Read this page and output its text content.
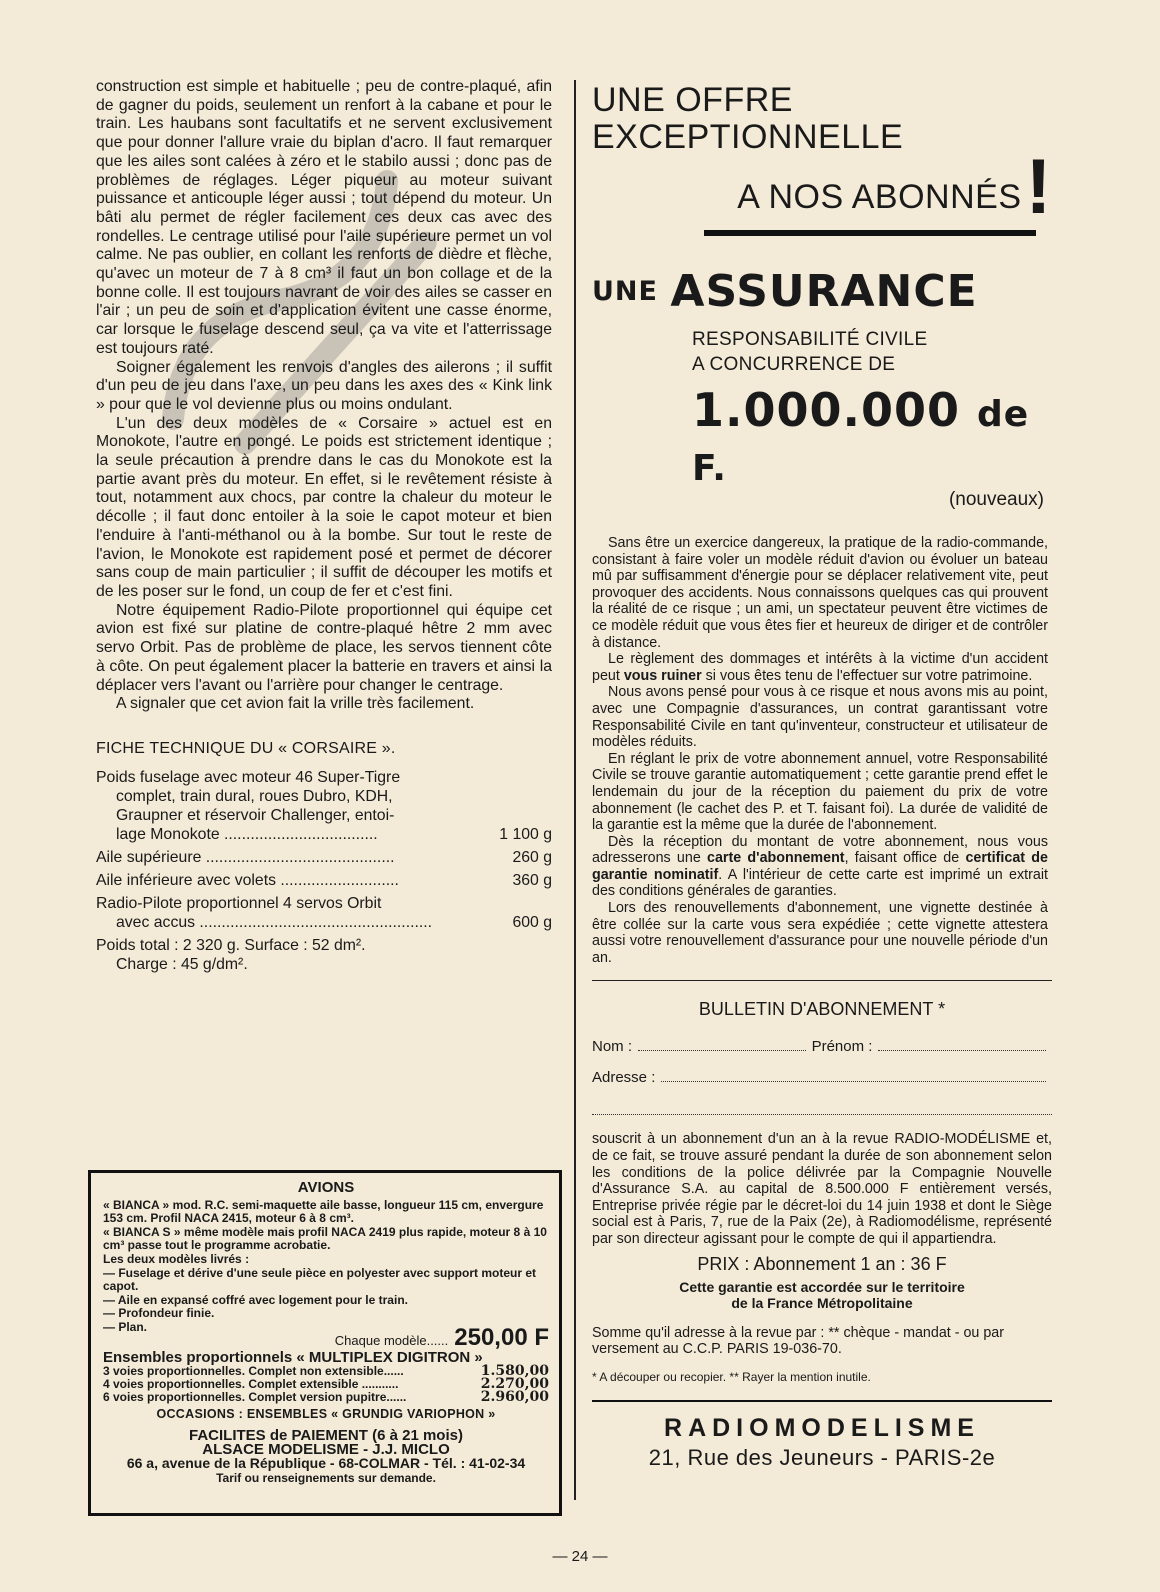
construction est simple et habituelle ; peu de contre-plaqué, afin de gagner du poids, seulement un renfort à la cabane et pour le train. Les haubans sont facultatifs et ne servent exclusivement que pour donner l'allure vraie du biplan d'acro. Il faut remarquer que les ailes sont calées à zéro et le stabilo aussi ; donc pas de problèmes de réglages. Léger piqueur au moteur suivant puissance et anticouple léger aussi ; tout dépend du moteur. Un bâti alu permet de régler facilement ces deux cas avec des rondelles. Le centrage utilisé pour l'aile supérieure permet un vol calme. Ne pas oublier, en collant les renforts de dièdre et flèche, qu'avec un moteur de 7 à 8 cm³ il faut un bon collage et de la bonne colle. Il est toujours navrant de voir des ailes se casser en l'air ; un peu de soin et d'application évitent une casse énorme, car lorsque le fuselage descend seul, ça va vite et l'atterrissage est toujours raté.

Soigner également les renvois d'angles des ailerons ; il suffit d'un peu de jeu dans l'axe, un peu dans les axes des « Kink link » pour que le vol devienne plus ou moins ondulant.

L'un des deux modèles de « Corsaire » actuel est en Monokote, l'autre en pongé. Le poids est strictement identique ; la seule précaution à prendre dans le cas du Monokote est la partie avant près du moteur. En effet, si le revêtement résiste à tout, notamment aux chocs, par contre la chaleur du moteur le décolle ; il faut donc entoiler à la soie le capot moteur et bien l'enduire à l'anti-méthanol ou à la bombe. Sur tout le reste de l'avion, le Monokote est rapidement posé et permet de décorer sans coup de main particulier ; il suffit de découper les motifs et de les poser sur le fond, un coup de fer et c'est fini.

Notre équipement Radio-Pilote proportionnel qui équipe cet avion est fixé sur platine de contre-plaqué hêtre 2 mm avec servo Orbit. Pas de problème de place, les servos tiennent côte à côte. On peut également placer la batterie en travers et ainsi la déplacer vers l'avant ou l'arrière pour changer le centrage.

A signaler que cet avion fait la vrille très facilement.

FICHE TECHNIQUE DU « CORSAIRE ».
Poids fuselage avec moteur 46 Super-Tigre
complet, train dural, roues Dubro, KDH,
Graupner et réservoir Challenger, entoi-
lage Monokote ...................................	1 100 g
Aile supérieure ...........................................	260 g
Aile inférieure avec volets ...........................	360 g
Radio-Pilote proportionnel 4 servos Orbit
avec accus .....................................................	600 g
Poids total : 2 320 g. Surface : 52 dm².
Charge : 45 g/dm².
AVIONS

« BIANCA » mod. R.C. semi-maquette aile basse, longueur 115 cm, envergure 153 cm. Profil NACA 2415, moteur 6 à 8 cm³.

« BIANCA S » même modèle mais profil NACA 2419 plus rapide, moteur 8 à 10 cm³ passe tout le programme acrobatie.

Les deux modèles livrés :

— Fuselage et dérive d'une seule pièce en polyester avec support moteur et capot.

— Aile en expansé coffré avec logement pour le train.

— Profondeur finie.

— Plan.

Chaque modèle...... 250,00 F
Ensembles proportionnels « MULTIPLEX DIGITRON »
3 voies proportionnelles. Complet non extensible......	1.580,00
4 voies proportionnelles. Complet extensible ...........	2.270,00
6 voies proportionnelles. Complet version pupitre......	2.960,00
OCCASIONS : ENSEMBLES « GRUNDIG VARIOPHON »
FACILITES de PAIEMENT (6 à 21 mois)
ALSACE MODELISME - J.J. MICLO
66 a, avenue de la République - 68-COLMAR - Tél. : 41-02-34
Tarif ou renseignements sur demande.
UNE OFFRE
EXCEPTIONNELLE
A NOS ABONNÉS !
UNE ASSURANCE
RESPONSABILITÉ CIVILE
A CONCURRENCE DE
1.000.000 de F.
(nouveaux)

Sans être un exercice dangereux, la pratique de la radio-commande, consistant à faire voler un modèle réduit d'avion ou évoluer un bateau mû par suffisamment d'énergie pour se déplacer relativement vite, peut provoquer des accidents. Nous connaissons quelques cas qui prouvent la réalité de ce risque ; un ami, un spectateur peuvent être victimes de ce modèle réduit que vous êtes fier et heureux de diriger et de contrôler à distance.

Le règlement des dommages et intérêts à la victime d'un accident peut vous ruiner si vous êtes tenu de l'effectuer sur votre patrimoine.

Nous avons pensé pour vous à ce risque et nous avons mis au point, avec une Compagnie d'assurances, un contrat garantissant votre Responsabilité Civile en tant qu'inventeur, constructeur et utilisateur de modèles réduits.

En réglant le prix de votre abonnement annuel, votre Responsabilité Civile se trouve garantie automatiquement ; cette garantie prend effet le lendemain du jour de la réception du paiement du prix de votre abonnement (le cachet des P. et T. faisant foi). La durée de validité de la garantie est la même que la durée de l'abonnement.

Dès la réception du montant de votre abonnement, nous vous adresserons une carte d'abonnement, faisant office de certificat de garantie nominatif. A l'intérieur de cette carte est imprimé un extrait des conditions générales de garanties.

Lors des renouvellements d'abonnement, une vignette destinée à être collée sur la carte vous sera expédiée ; cette vignette attestera aussi votre renouvellement d'assurance pour une nouvelle période d'un an.

BULLETIN D'ABONNEMENT *
Nom :	Prénom :
Adresse :
souscrit à un abonnement d'un an à la revue RADIO-MODÉLISME et, de ce fait, se trouve assuré pendant la durée de son abonnement selon les conditions de la police délivrée par la Compagnie Nouvelle d'Assurance S.A. au capital de 8.500.000 F entièrement versés, Entreprise privée régie par le décret-loi du 14 juin 1938 et dont le Siège social est à Paris, 7, rue de la Paix (2e), à Radiomodélisme, représenté par son directeur agissant pour le compte de qui il appartiendra.
PRIX : Abonnement 1 an : 36 F
Cette garantie est accordée sur le territoire
de la France Métropolitaine
Somme qu'il adresse à la revue par : ** chèque - mandat - ou par versement au C.C.P. PARIS 19-036-70.
* A découper ou recopier. ** Rayer la mention inutile.
RADIOMODELISME
21, Rue des Jeuneurs - PARIS-2e
— 24 —
